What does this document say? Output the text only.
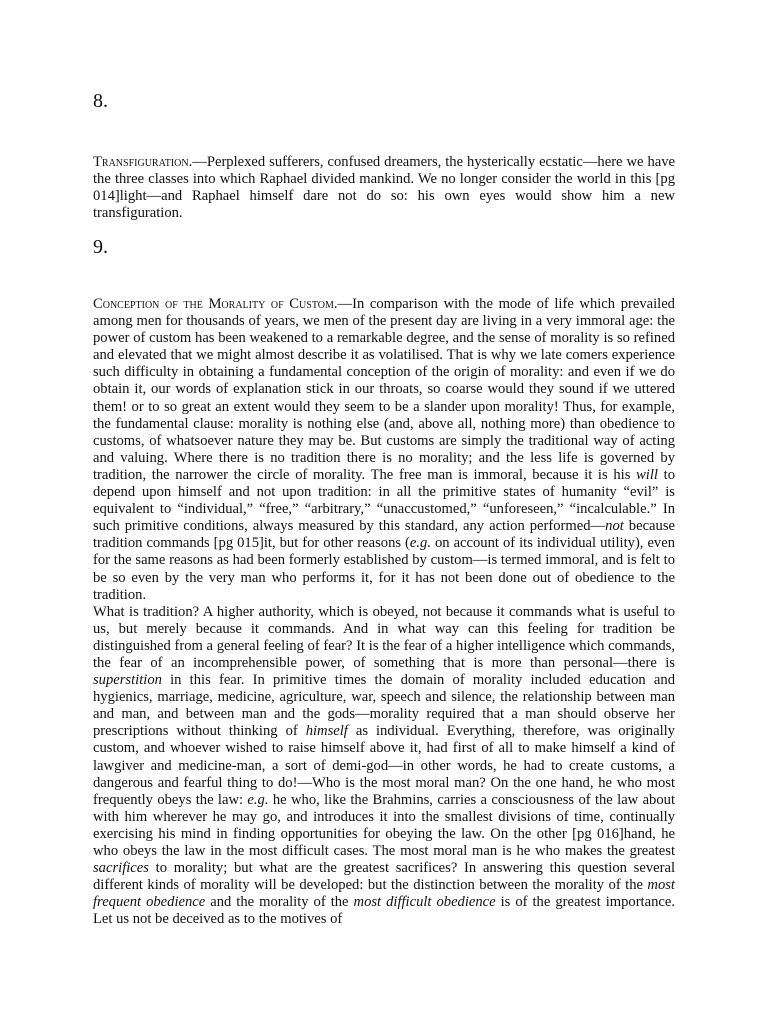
8.

Transfiguration.—Perplexed sufferers, confused dreamers, the hysterically ecstatic—here we have the three classes into which Raphael divided mankind. We no longer consider the world in this [pg 014]light—and Raphael himself dare not do so: his own eyes would show him a new transfiguration.

9.

Conception of the Morality of Custom.—In comparison with the mode of life which prevailed among men for thousands of years, we men of the present day are living in a very immoral age: the power of custom has been weakened to a remarkable degree, and the sense of morality is so refined and elevated that we might almost describe it as volatilised. That is why we late comers experience such difficulty in obtaining a fundamental conception of the origin of morality: and even if we do obtain it, our words of explanation stick in our throats, so coarse would they sound if we uttered them! or to so great an extent would they seem to be a slander upon morality! Thus, for example, the fundamental clause: morality is nothing else (and, above all, nothing more) than obedience to customs, of whatsoever nature they may be. But customs are simply the traditional way of acting and valuing. Where there is no tradition there is no morality; and the less life is governed by tradition, the narrower the circle of morality. The free man is immoral, because it is his will to depend upon himself and not upon tradition: in all the primitive states of humanity “evil” is equivalent to “individual,” “free,” “arbitrary,” “unaccustomed,” “unforeseen,” “incalculable.” In such primitive conditions, always measured by this standard, any action performed—not because tradition commands [pg 015]it, but for other reasons (e.g. on account of its individual utility), even for the same reasons as had been formerly established by custom—is termed immoral, and is felt to be so even by the very man who performs it, for it has not been done out of obedience to the tradition.
What is tradition? A higher authority, which is obeyed, not because it commands what is useful to us, but merely because it commands. And in what way can this feeling for tradition be distinguished from a general feeling of fear? It is the fear of a higher intelligence which commands, the fear of an incomprehensible power, of something that is more than personal—there is superstition in this fear. In primitive times the domain of morality included education and hygienics, marriage, medicine, agriculture, war, speech and silence, the relationship between man and man, and between man and the gods—morality required that a man should observe her prescriptions without thinking of himself as individual. Everything, therefore, was originally custom, and whoever wished to raise himself above it, had first of all to make himself a kind of lawgiver and medicine-man, a sort of demi-god—in other words, he had to create customs, a dangerous and fearful thing to do!—Who is the most moral man? On the one hand, he who most frequently obeys the law: e.g. he who, like the Brahmins, carries a consciousness of the law about with him wherever he may go, and introduces it into the smallest divisions of time, continually exercising his mind in finding opportunities for obeying the law. On the other [pg 016]hand, he who obeys the law in the most difficult cases. The most moral man is he who makes the greatest sacrifices to morality; but what are the greatest sacrifices? In answering this question several different kinds of morality will be developed: but the distinction between the morality of the most frequent obedience and the morality of the most difficult obedience is of the greatest importance. Let us not be deceived as to the motives of
